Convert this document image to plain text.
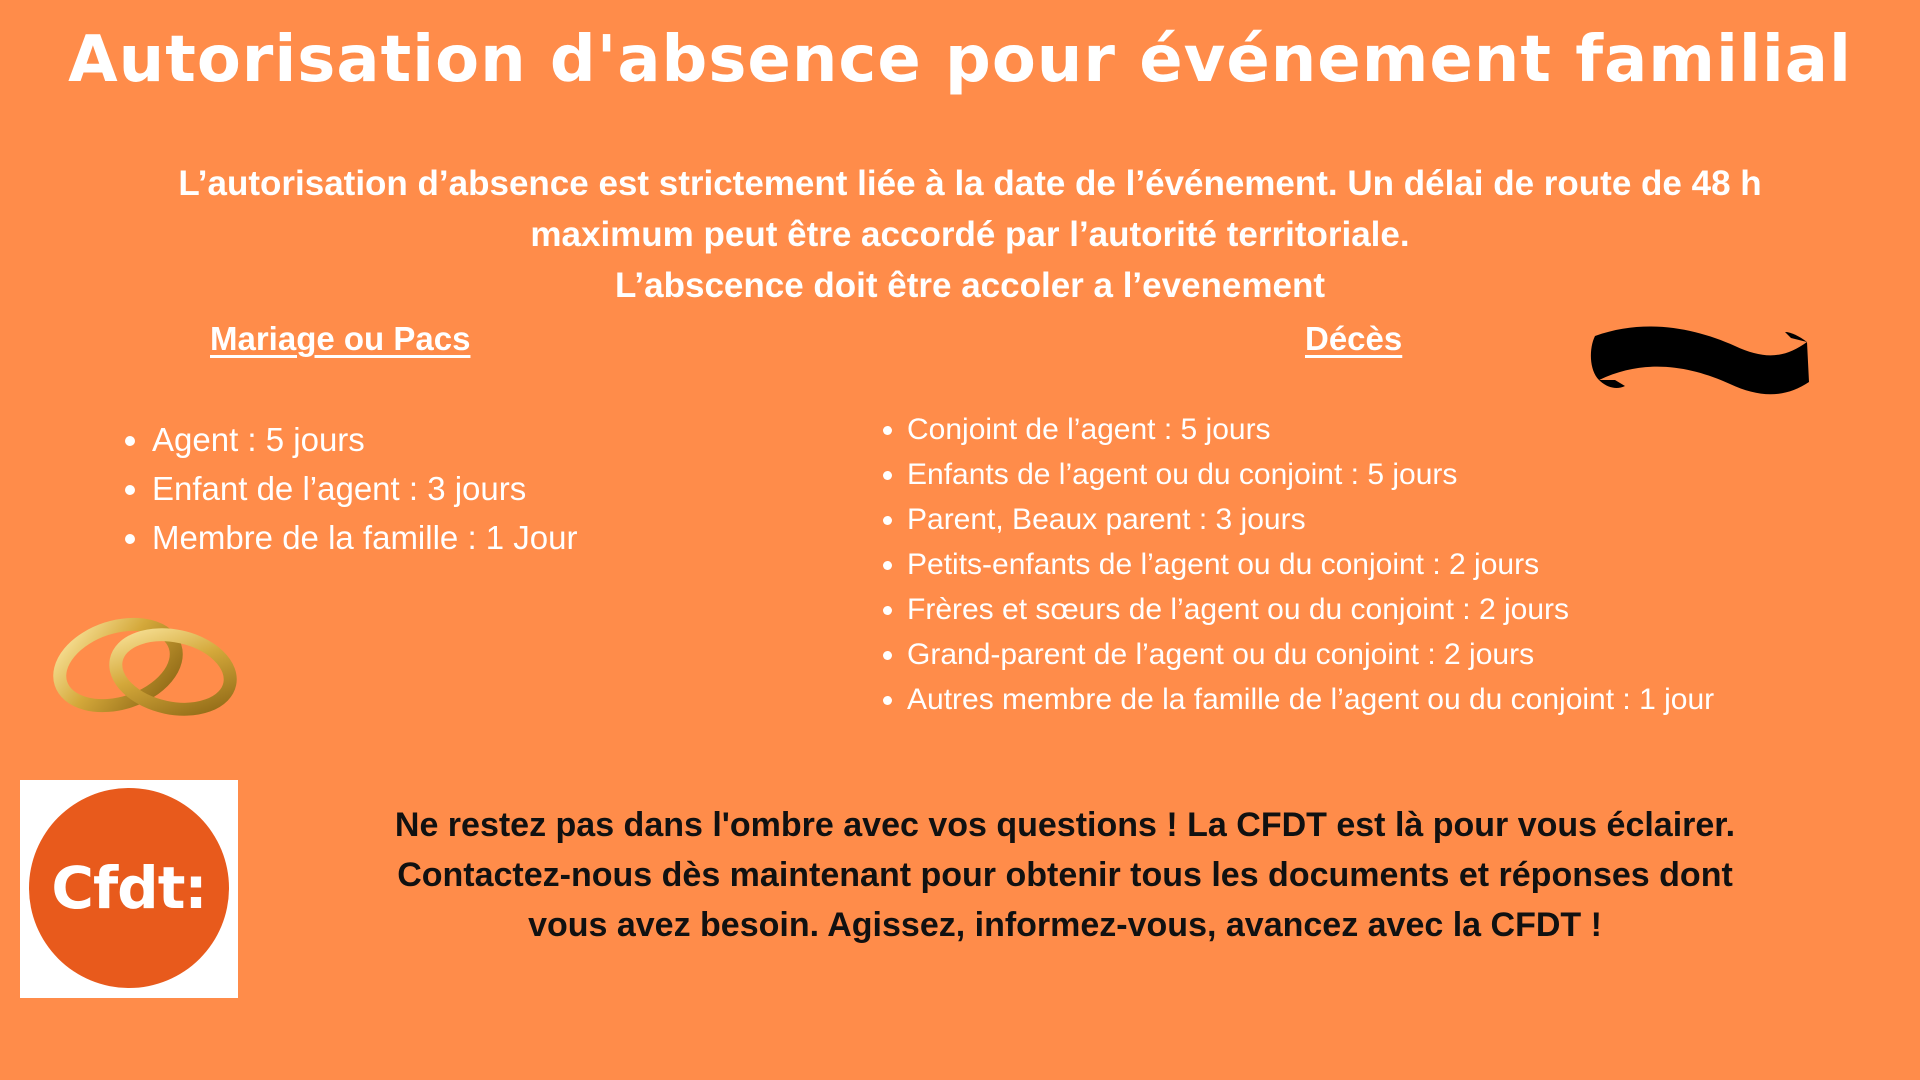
Autorisation d'absence pour événement familial
L’autorisation d’absence est strictement liée à la date de l’événement. Un délai de route de 48 h
maximum peut être accordé par l’autorité territoriale.
L’abscence doit être accoler a l’evenement
Mariage ou Pacs	Décès
• Agent : 5 jours
• Enfant de l’agent : 3 jours
• Membre de la famille : 1 Jour
• Conjoint de l’agent : 5 jours
• Enfants de l’agent ou du conjoint : 5 jours
• Parent, Beaux parent : 3 jours
• Petits-enfants de l’agent ou du conjoint : 2 jours
• Frères et sœurs de l’agent ou du conjoint : 2 jours
• Grand-parent de l’agent ou du conjoint : 2 jours
• Autres membre de la famille de l’agent ou du conjoint : 1 jour
Cfdt:
Ne restez pas dans l'ombre avec vos questions ! La CFDT est là pour vous éclairer.
Contactez-nous dès maintenant pour obtenir tous les documents et réponses dont
vous avez besoin. Agissez, informez-vous, avancez avec la CFDT !
